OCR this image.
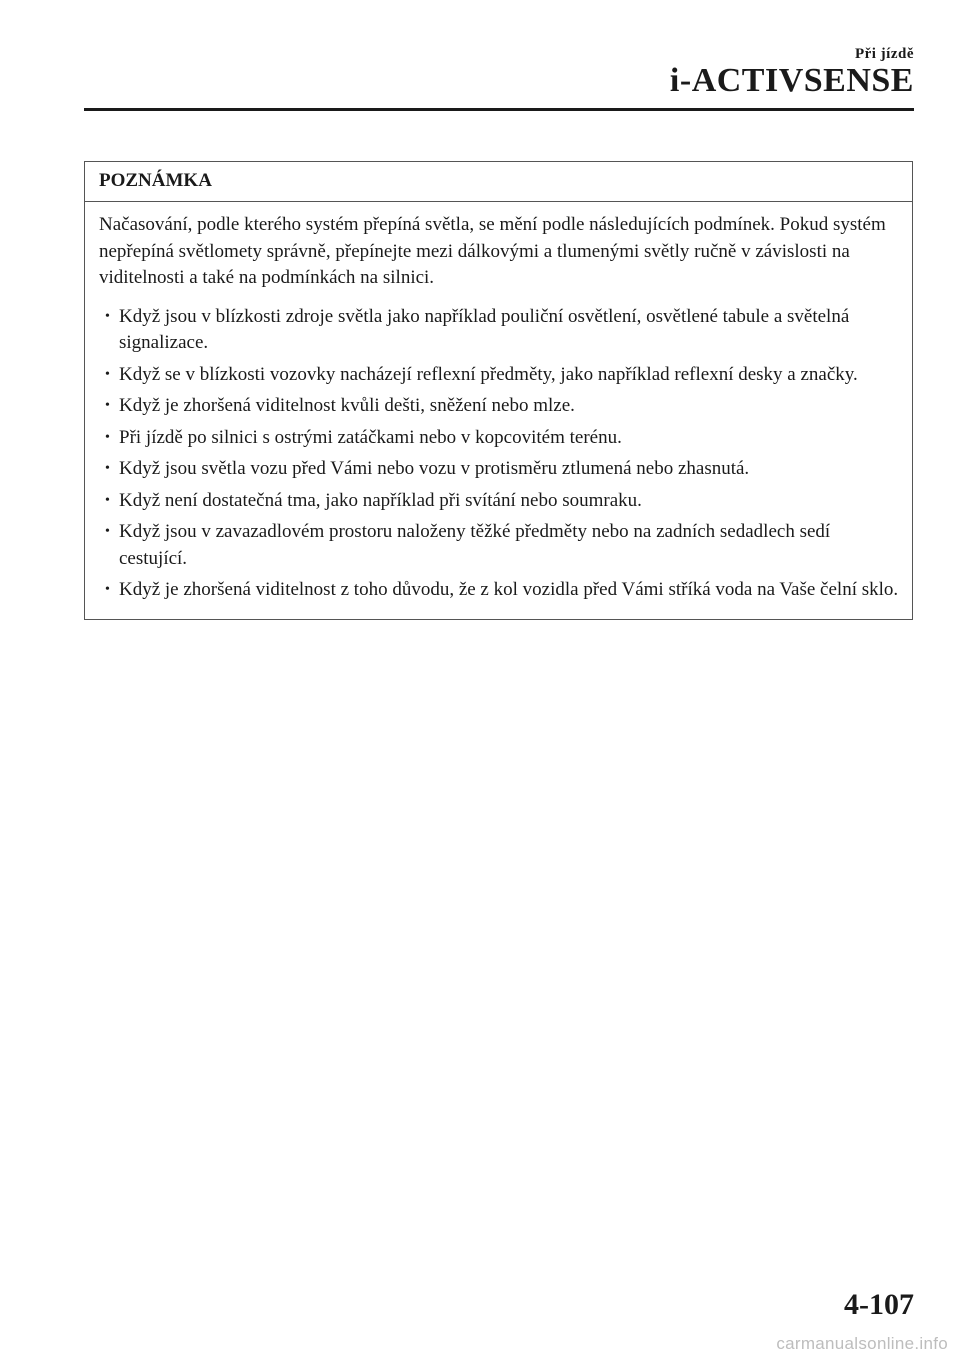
Při jízdě
i-ACTIVSENSE
POZNÁMKA

Načasování, podle kterého systém přepíná světla, se mění podle následujících podmínek. Pokud systém nepřepíná světlomety správně, přepínejte mezi dálkovými a tlumenými světly ručně v závislosti na viditelnosti a také na podmínkách na silnici.

• Když jsou v blízkosti zdroje světla jako například pouliční osvětlení, osvětlené tabule a světelná signalizace.
• Když se v blízkosti vozovky nacházejí reflexní předměty, jako například reflexní desky a značky.
• Když je zhoršená viditelnost kvůli dešti, sněžení nebo mlze.
• Při jízdě po silnici s ostrými zatáčkami nebo v kopcovitém terénu.
• Když jsou světla vozu před Vámi nebo vozu v protisměru ztlumená nebo zhasnutá.
• Když není dostatečná tma, jako například při svítání nebo soumraku.
• Když jsou v zavazadlovém prostoru naloženy těžké předměty nebo na zadních sedadlech sedí cestující.
• Když je zhoršená viditelnost z toho důvodu, že z kol vozidla před Vámi stříká voda na Vaše čelní sklo.
4-107
carmanualsonline.info
